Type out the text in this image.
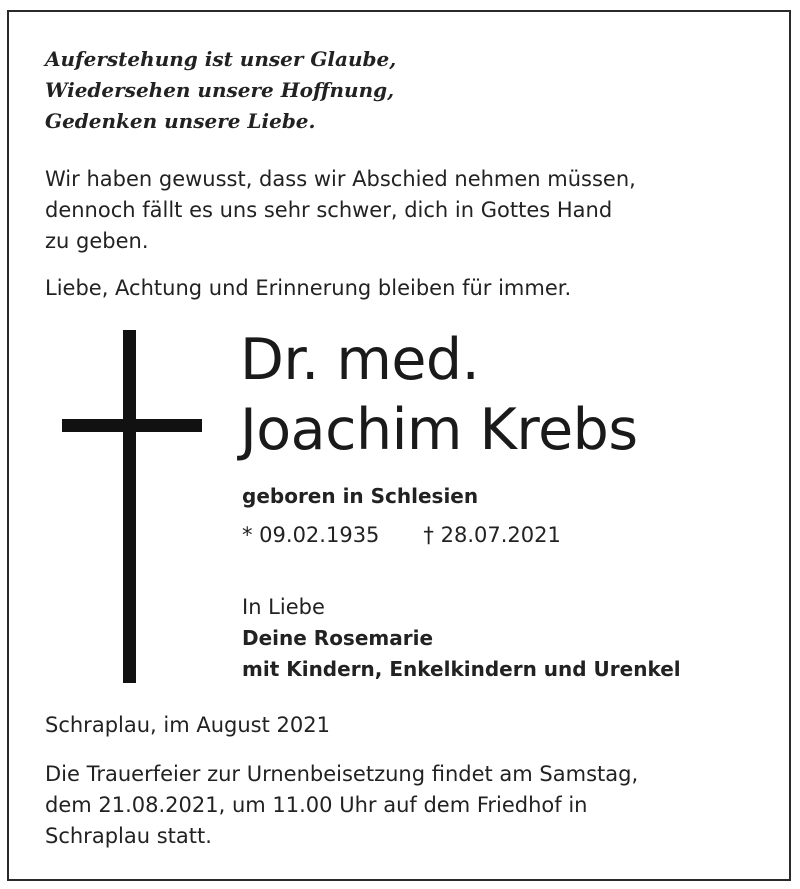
Auferstehung ist unser Glaube,
Wiedersehen unsere Hoffnung,
Gedenken unsere Liebe.
Wir haben gewusst, dass wir Abschied nehmen müssen,
dennoch fällt es uns sehr schwer, dich in Gottes Hand
zu geben.
Liebe, Achtung und Erinnerung bleiben für immer.
Dr. med.
Joachim Krebs
geboren in Schlesien
* 09.02.1935 † 28.07.2021
In Liebe
Deine Rosemarie
mit Kindern, Enkelkindern und Urenkel
Schraplau, im August 2021
Die Trauerfeier zur Urnenbeisetzung findet am Samstag,
dem 21.08.2021, um 11.00 Uhr auf dem Friedhof in
Schraplau statt.
